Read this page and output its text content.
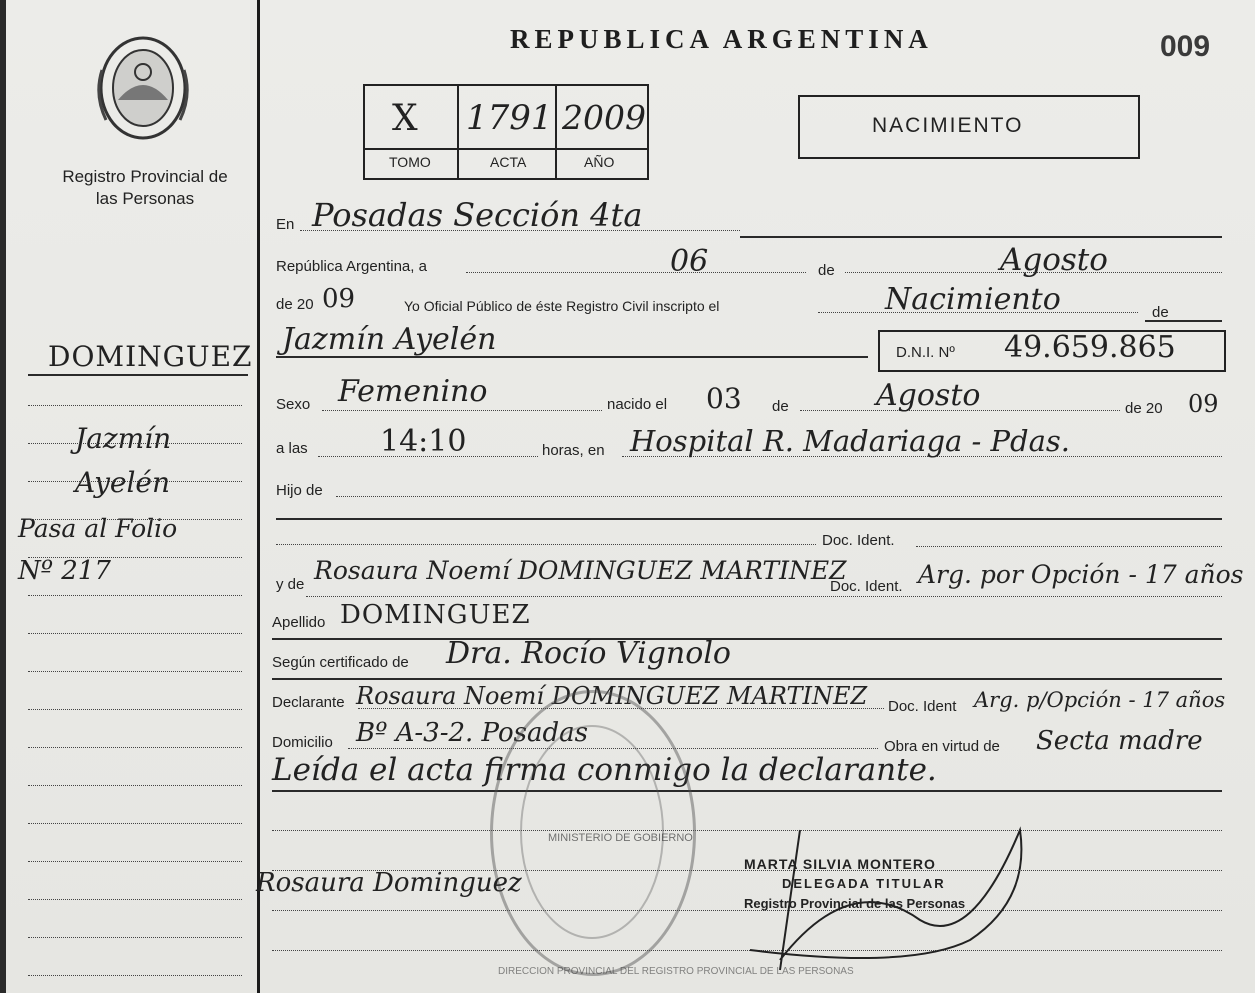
Registro Provincial de las Personas
REPUBLICA ARGENTINA	009
X 1791 2009
TOMO	ACTA	AÑO
NACIMIENTO
DOMINGUEZ
Jazmín
Ayelén
Pasa al Folio
Nº 217
En Posadas Sección 4ta
República Argentina, a	06	de	Agosto
de 20 09	Yo Oficial Público de éste Registro Civil inscripto el	Nacimiento	de
Jazmín Ayelén	D.N.I. Nº 49.659.865
Sexo Femenino	nacido el 03 de	Agosto	de 20 09
a las 14:10	horas, en Hospital R. Madariaga - Pdas.
Hijo de
Doc. Ident.
y de Rosaura Noemí DOMINGUEZ MARTINEZ
Doc. Ident. Arg. por Opción - 17 años
Apellido DOMINGUEZ
Según certificado de Dra. Rocío Vignolo
Declarante Rosaura Noemí DOMINGUEZ MARTINEZ Doc. Ident Arg. p/Opción - 17 años
Domicilio Bº A-3-2. Posadas	Obra en virtud de Secta madre
Leída el acta firma conmigo la declarante.
MINISTERIO DE GOBIERNO
DIRECCION PROVINCIAL DEL REGISTRO PROVINCIAL DE LAS PERSONAS
Rosaura Dominguez
MARTA SILVIA MONTERO
DELEGADA TITULAR
Registro Provincial de las Personas
